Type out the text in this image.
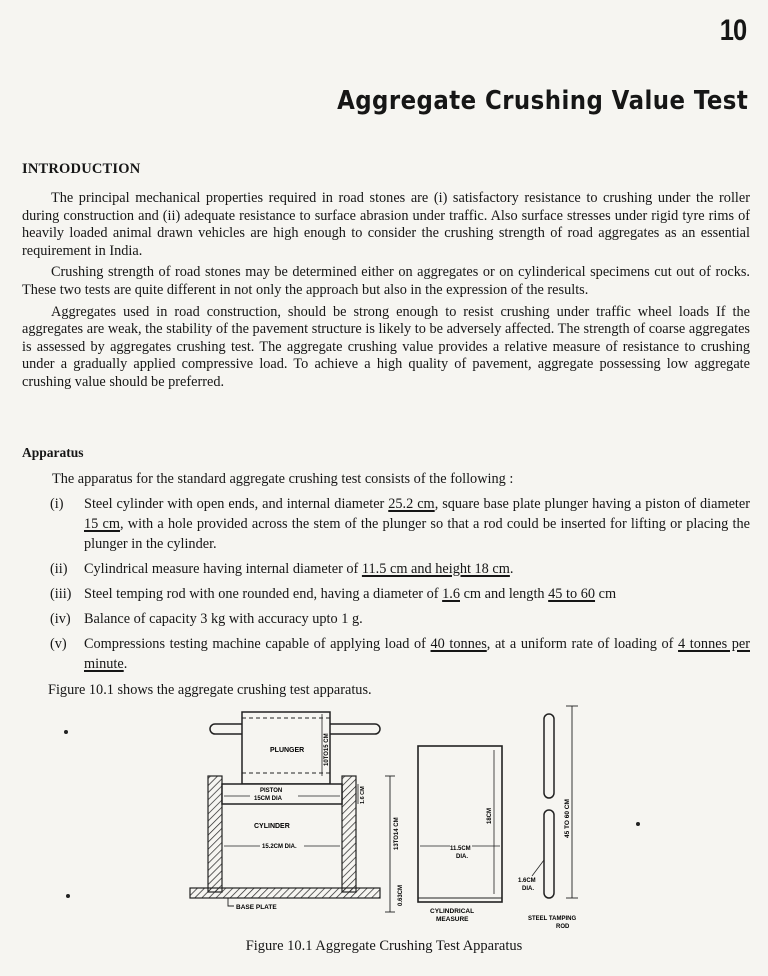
10
Aggregate Crushing Value Test
INTRODUCTION

The principal mechanical properties required in road stones are (i) satisfactory resistance to crushing under the roller during construction and (ii) adequate resistance to surface abrasion under traffic. Also surface stresses under rigid tyre rims of heavily loaded animal drawn vehicles are high enough to consider the crushing strength of road aggregates as an essential requirement in India.

Crushing strength of road stones may be determined either on aggregates or on cylinderical specimens cut out of rocks. These two tests are quite different in not only the approach but also in the expression of the results.

Aggregates used in road construction, should be strong enough to resist crushing under traffic wheel loads If the aggregates are weak, the stability of the pavement structure is likely to be adversely affected. The strength of coarse aggregates is assessed by aggregates crushing test. The aggregate crushing value provides a relative measure of resistance to crushing under a gradually applied compressive load. To achieve a high quality of pavement, aggregate possessing low aggregate crushing value should be preferred.

Apparatus
The apparatus for the standard aggregate crushing test consists of the following :
(i) Steel cylinder with open ends, and internal diameter 25.2 cm, square base plate plunger having a piston of diameter 15 cm, with a hole provided across the stem of the plunger so that a rod could be inserted for lifting or placing the plunger in the cylinder.
(ii) Cylindrical measure having internal diameter of 11.5 cm and height 18 cm.
(iii) Steel temping rod with one rounded end, having a diameter of 1.6 cm and length 45 to 60 cm
(iv) Balance of capacity 3 kg with accuracy upto 1 g.
(v) Compressions testing machine capable of applying load of 40 tonnes, at a uniform rate of loading of 4 tonnes per minute.
Figure 10.1 shows the aggregate crushing test apparatus.
PLUNGER	10TO15 CM
PISTON
15CM DIA
CYLINDER
15.2CM DIA.
1.6 CM
BASE PLATE
13TO14 CM
0.63CM
18CM
11.5CM
DIA.
CYLINDRICAL
MEASURE
45 TO 60 CM
1.6CM
DIA.
STEEL TAMPING
ROD
Figure 10.1 Aggregate Crushing Test Apparatus
